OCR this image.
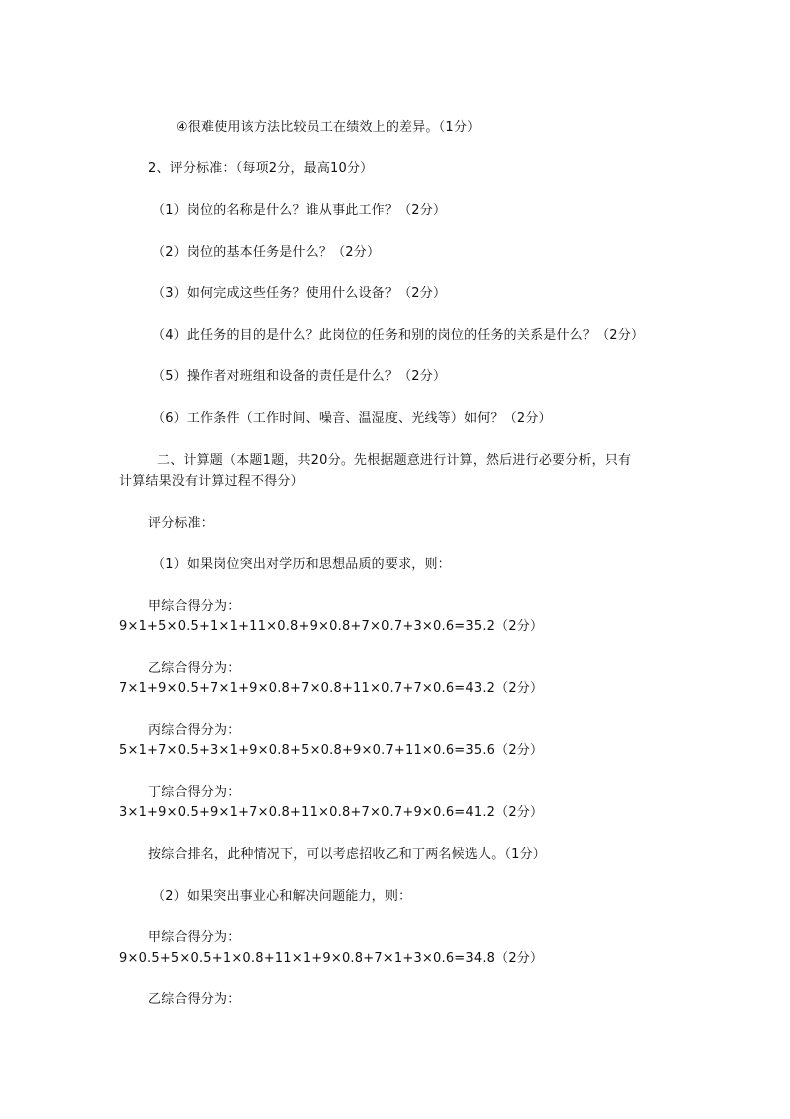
④很难使用该方法比较员工在绩效上的差异。（1分）
2、评分标准：（每项2分，最高10分）
（1）岗位的名称是什么？谁从事此工作？（2分）
（2）岗位的基本任务是什么？（2分）
（3）如何完成这些任务？使用什么设备？（2分）
（4）此任务的目的是什么？此岗位的任务和别的岗位的任务的关系是什么？（2分）
（5）操作者对班组和设备的责任是什么？（2分）
（6）工作条件（工作时间、噪音、温湿度、光线等）如何？（2分）
二、计算题（本题1题，共20分。先根据题意进行计算，然后进行必要分析，只有
计算结果没有计算过程不得分）
评分标准：
（1）如果岗位突出对学历和思想品质的要求，则：
甲综合得分为：
9×1+5×0.5+1×1+11×0.8+9×0.8+7×0.7+3×0.6=35.2（2分）
乙综合得分为：
7×1+9×0.5+7×1+9×0.8+7×0.8+11×0.7+7×0.6=43.2（2分）
丙综合得分为：
5×1+7×0.5+3×1+9×0.8+5×0.8+9×0.7+11×0.6=35.6（2分）
丁综合得分为：
3×1+9×0.5+9×1+7×0.8+11×0.8+7×0.7+9×0.6=41.2（2分）
按综合排名，此种情况下，可以考虑招收乙和丁两名候选人。（1分）
（2）如果突出事业心和解决问题能力，则：
甲综合得分为：
9×0.5+5×0.5+1×0.8+11×1+9×0.8+7×1+3×0.6=34.8（2分）
乙综合得分为：
